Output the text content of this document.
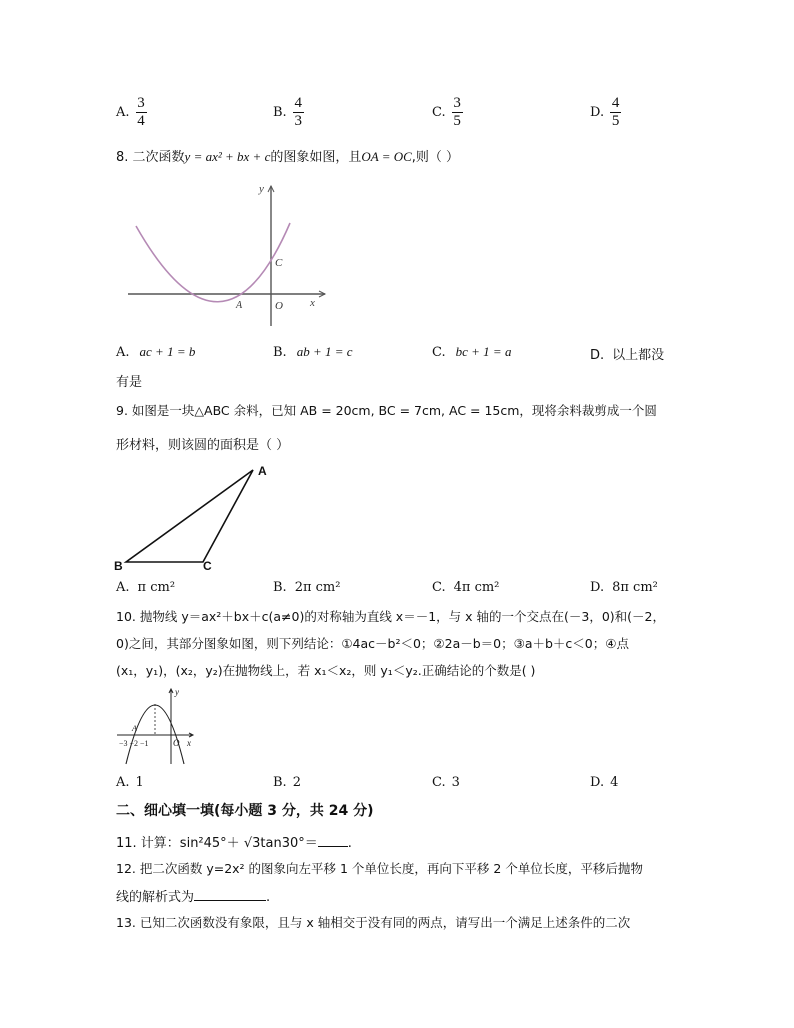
A. $\frac{3}{4}$	B. $\frac{4}{3}$	C. $\frac{3}{5}$	D. $\frac{4}{5}$
8. 二次函数y = ax² + bx + c的图象如图，且OA = OC,则（ ）
y
x
C
O
A
A. ac + 1 = b	B. ab + 1 = c	C. bc + 1 = a	D. 以上都没
有是
9. 如图是一块△ABC 余料，已知 AB = 20cm, BC = 7cm, AC = 15cm，现将余料裁剪成一个圆
形材料，则该圆的面积是（ ）
A
B	C
A. π cm²	B. 2π cm²	C. 4π cm²	D. 8π cm²
10. 抛物线 y＝ax²＋bx＋c(a≠0)的对称轴为直线 x＝－1，与 x 轴的一个交点在(－3，0)和(－2，
0)之间，其部分图象如图，则下列结论：①4ac－b²＜0；②2a－b＝0；③a＋b＋c＜0；④点
(x₁，y₁)，(x₂，y₂)在抛物线上，若 x₁＜x₂，则 y₁＜y₂.正确结论的个数是( )
y
x
O
A
−3 −2 −1
A. 1	B. 2	C. 3	D. 4
二、细心填一填(每小题 3 分，共 24 分)
11. 计算：sin²45°＋ √3tan30°＝ .
12. 把二次函数 y=2x² 的图象向左平移 1 个单位长度，再向下平移 2 个单位长度，平移后抛物
线的解析式为	.
13. 已知二次函数没有象限，且与 x 轴相交于没有同的两点，请写出一个满足上述条件的二次
